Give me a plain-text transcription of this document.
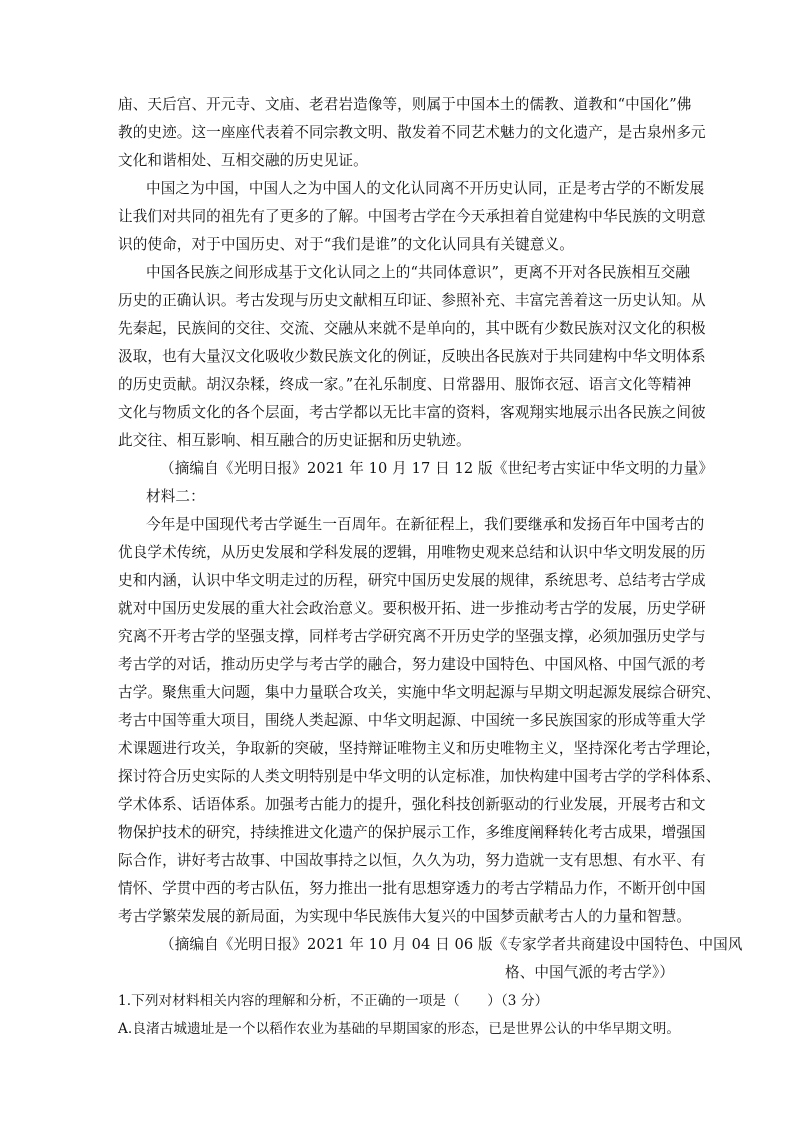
庙、天后宫、开元寺、文庙、老君岩造像等，则属于中国本土的儒教、道教和“中国化”佛
教的史迹。这一座座代表着不同宗教文明、散发着不同艺术魅力的文化遗产，是古泉州多元
文化和谐相处、互相交融的历史见证。
中国之为中国，中国人之为中国人的文化认同离不开历史认同，正是考古学的不断发展
让我们对共同的祖先有了更多的了解。中国考古学在今天承担着自觉建构中华民族的文明意
识的使命，对于中国历史、对于“我们是谁”的文化认同具有关键意义。
中国各民族之间形成基于文化认同之上的“共同体意识”，更离不开对各民族相互交融
历史的正确认识。考古发现与历史文献相互印证、参照补充、丰富完善着这一历史认知。从
先秦起，民族间的交往、交流、交融从来就不是单向的，其中既有少数民族对汉文化的积极
汲取，也有大量汉文化吸收少数民族文化的例证，反映出各民族对于共同建构中华文明体系
的历史贡献。胡汉杂糅，终成一家。”在礼乐制度、日常器用、服饰衣冠、语言文化等精神
文化与物质文化的各个层面，考古学都以无比丰富的资料，客观翔实地展示出各民族之间彼
此交往、相互影响、相互融合的历史证据和历史轨迹。
（摘编自《光明日报》2021 年 10 月 17 日 12 版《世纪考古实证中华文明的力量》
材料二：
今年是中国现代考古学诞生一百周年。在新征程上，我们要继承和发扬百年中国考古的
优良学术传统，从历史发展和学科发展的逻辑，用唯物史观来总结和认识中华文明发展的历
史和内涵，认识中华文明走过的历程，研究中国历史发展的规律，系统思考、总结考古学成
就对中国历史发展的重大社会政治意义。要积极开拓、进一步推动考古学的发展，历史学研
究离不开考古学的坚强支撑，同样考古学研究离不开历史学的坚强支撑，必须加强历史学与
考古学的对话，推动历史学与考古学的融合，努力建设中国特色、中国风格、中国气派的考
古学。聚焦重大问题，集中力量联合攻关，实施中华文明起源与早期文明起源发展综合研究、
考古中国等重大项目，围绕人类起源、中华文明起源、中国统一多民族国家的形成等重大学
术课题进行攻关，争取新的突破，坚持辩证唯物主义和历史唯物主义，坚持深化考古学理论，
探讨符合历史实际的人类文明特别是中华文明的认定标准，加快构建中国考古学的学科体系、
学术体系、话语体系。加强考古能力的提升，强化科技创新驱动的行业发展，开展考古和文
物保护技术的研究，持续推进文化遗产的保护展示工作，多维度阐释转化考古成果，增强国
际合作，讲好考古故事、中国故事持之以恒，久久为功，努力造就一支有思想、有水平、有
情怀、学贯中西的考古队伍，努力推出一批有思想穿透力的考古学精品力作，不断开创中国
考古学繁荣发展的新局面，为实现中华民族伟大复兴的中国梦贡献考古人的力量和智慧。
（摘编自《光明日报》2021 年 10 月 04 日 06 版《专家学者共商建设中国特色、中国风
格、中国气派的考古学》）
1.下列对材料相关内容的理解和分析，不正确的一项是（　　）（3 分）
A.良渚古城遗址是一个以稻作农业为基础的早期国家的形态，已是世界公认的中华早期文明。
